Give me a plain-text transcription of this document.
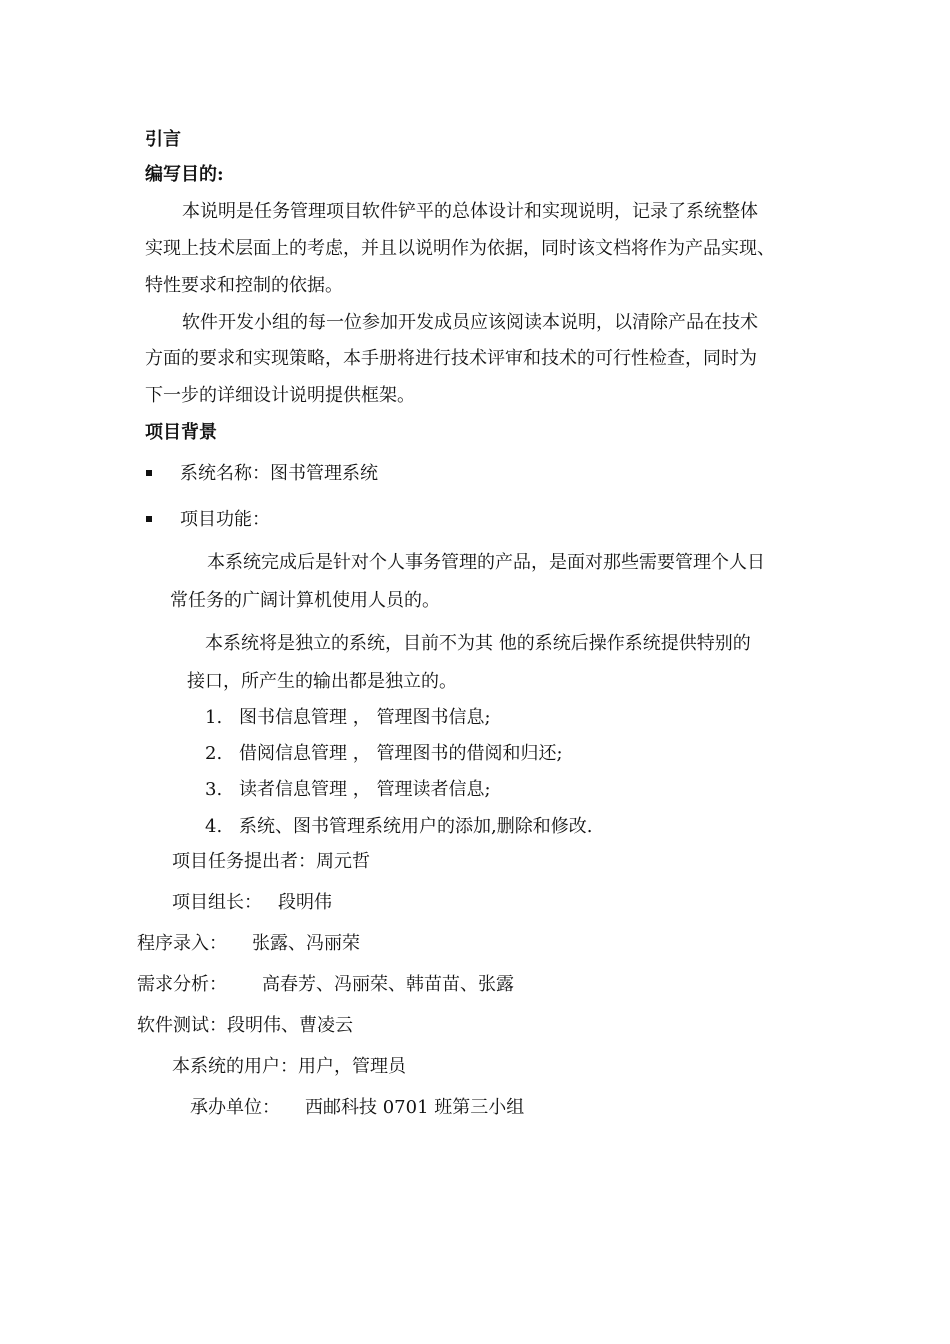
引言
编写目的:
本说明是任务管理项目软件铲平的总体设计和实现说明，记录了系统整体
实现上技术层面上的考虑，并且以说明作为依据，同时该文档将作为产品实现、
特性要求和控制的依据。
软件开发小组的每一位参加开发成员应该阅读本说明，以清除产品在技术
方面的要求和实现策略，本手册将进行技术评审和技术的可行性检查，同时为
下一步的详细设计说明提供框架。
项目背景
系统名称：图书管理系统
项目功能：
本系统完成后是针对个人事务管理的产品，是面对那些需要管理个人日
常任务的广阔计算机使用人员的。
本系统将是独立的系统，目前不为其 他的系统后操作系统提供特别的
接口，所产生的输出都是独立的。
1. 图书信息管理 ， 管理图书信息;
2. 借阅信息管理 ， 管理图书的借阅和归还;
3. 读者信息管理 ， 管理读者信息;
4. 系统、图书管理系统用户的添加,删除和修改.
项目任务提出者：周元哲
项目组长： 段明伟
程序录入： 张露、冯丽荣
需求分析： 高春芳、冯丽荣、韩苗苗、张露
软件测试：段明伟、曹凌云
本系统的用户：用户，管理员
承办单位： 西邮科技 0701 班第三小组
